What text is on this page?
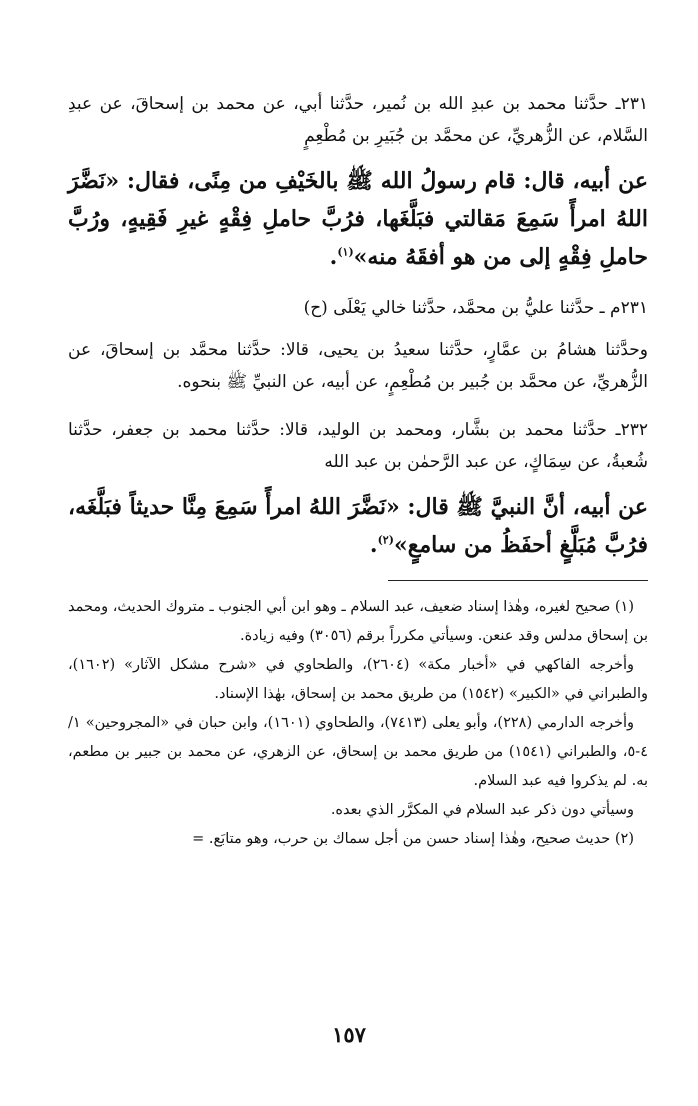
٢٣١ـ حدَّثنا محمد بن عبدِ الله بن نُمير، حدَّثنا أبي، عن محمد بن إسحاقَ، عن عبدِ السَّلام، عن الزُّهريِّ، عن محمَّد بن جُبَيرِ بن مُطْعِمٍ

عن أبيه، قال: قام رسولُ الله ﷺ بالخَيْفِ من مِنًى، فقال: «نَضَّرَ اللهُ امرأً سَمِعَ مَقالتي فبَلَّغَها، فرُبَّ حاملِ فِقْهٍ غيرِ فَقِيهٍ، ورُبَّ حاملِ فِقْهٍ إلى من هو أفقَهُ منه»$^{(١)}$.

٢٣١م ـ حدَّثنا عليُّ بن محمَّد، حدَّثنا خالي يَعْلَى (ح)

وحدَّثنا هشامُ بن عمَّارٍ، حدَّثنا سعيدُ بن يحيى، قالا: حدَّثنا محمَّد بن إسحاقَ، عن الزُّهريِّ، عن محمَّد بن جُبير بن مُطْعِمٍ، عن أبيه، عن النبيِّ ﷺ بنحوه.

٢٣٢ـ حدَّثنا محمد بن بشَّار، ومحمد بن الوليد، قالا: حدَّثنا محمد بن جعفر، حدَّثنا شُعبةُ، عن سِمَاكٍ، عن عبد الرَّحمٰن بن عبد الله

عن أبيه، أنَّ النبيَّ ﷺ قال: «نَضَّرَ اللهُ امرأً سَمِعَ مِنَّا حديثاً فبَلَّغَه، فرُبَّ مُبَلَّغٍ أحفَظُ من سامعٍ»$^{(٢)}$.

(١) صحيح لغيره، وهٰذا إسناد ضعيف، عبد السلام ـ وهو ابن أبي الجنوب ـ متروك الحديث، ومحمد بن إسحاق مدلس وقد عنعن. وسيأتي مكرراً برقم (٣٠٥٦) وفيه زيادة.

وأخرجه الفاكهي في «أخبار مكة» (٢٦٠٤)، والطحاوي في «شرح مشكل الآثار» (١٦٠٢)، والطبراني في «الكبير» (١٥٤٢) من طريق محمد بن إسحاق، بهٰذا الإسناد.

وأخرجه الدارمي (٢٢٨)، وأبو يعلى (٧٤١٣)، والطحاوي (١٦٠١)، وابن حبان في «المجروحين» ١/ ٤-٥، والطبراني (١٥٤١) من طريق محمد بن إسحاق، عن الزهري، عن محمد بن جبير بن مطعم، به. لم يذكروا فيه عبد السلام.

وسيأتي دون ذكر عبد السلام في المكرَّر الذي بعده.

(٢) حديث صحيح، وهٰذا إسناد حسن من أجل سماك بن حرب، وهو متابَع. =

١٥٧
